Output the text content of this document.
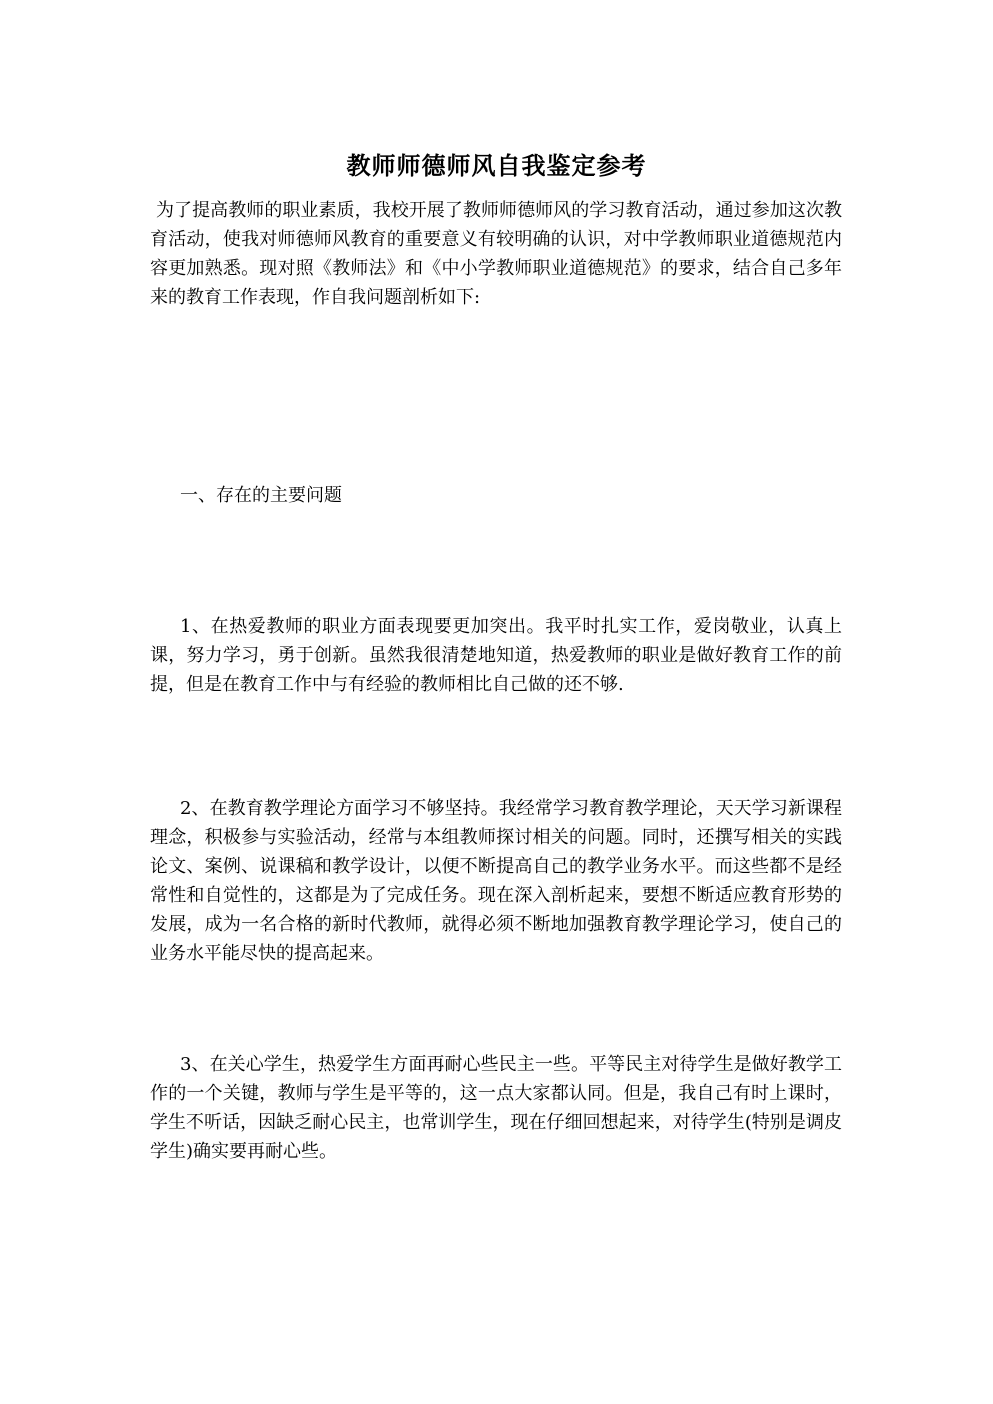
教师师德师风自我鉴定参考

为了提高教师的职业素质，我校开展了教师师德师风的学习教育活动，通过参加这次教育活动，使我对师德师风教育的重要意义有较明确的认识，对中学教师职业道德规范内容更加熟悉。现对照《教师法》和《中小学教师职业道德规范》的要求，结合自己多年来的教育工作表现，作自我问题剖析如下:

一、存在的主要问题

1、在热爱教师的职业方面表现要更加突出。我平时扎实工作，爱岗敬业，认真上课，努力学习，勇于创新。虽然我很清楚地知道，热爱教师的职业是做好教育工作的前提，但是在教育工作中与有经验的教师相比自己做的还不够.

2、在教育教学理论方面学习不够坚持。我经常学习教育教学理论，天天学习新课程理念，积极参与实验活动，经常与本组教师探讨相关的问题。同时，还撰写相关的实践论文、案例、说课稿和教学设计，以便不断提高自己的教学业务水平。而这些都不是经常性和自觉性的，这都是为了完成任务。现在深入剖析起来，要想不断适应教育形势的发展，成为一名合格的新时代教师，就得必须不断地加强教育教学理论学习，使自己的业务水平能尽快的提高起来。

3、在关心学生，热爱学生方面再耐心些民主一些。平等民主对待学生是做好教学工作的一个关键，教师与学生是平等的，这一点大家都认同。但是，我自己有时上课时，学生不听话，因缺乏耐心民主，也常训学生，现在仔细回想起来，对待学生(特别是调皮学生)确实要再耐心些。
